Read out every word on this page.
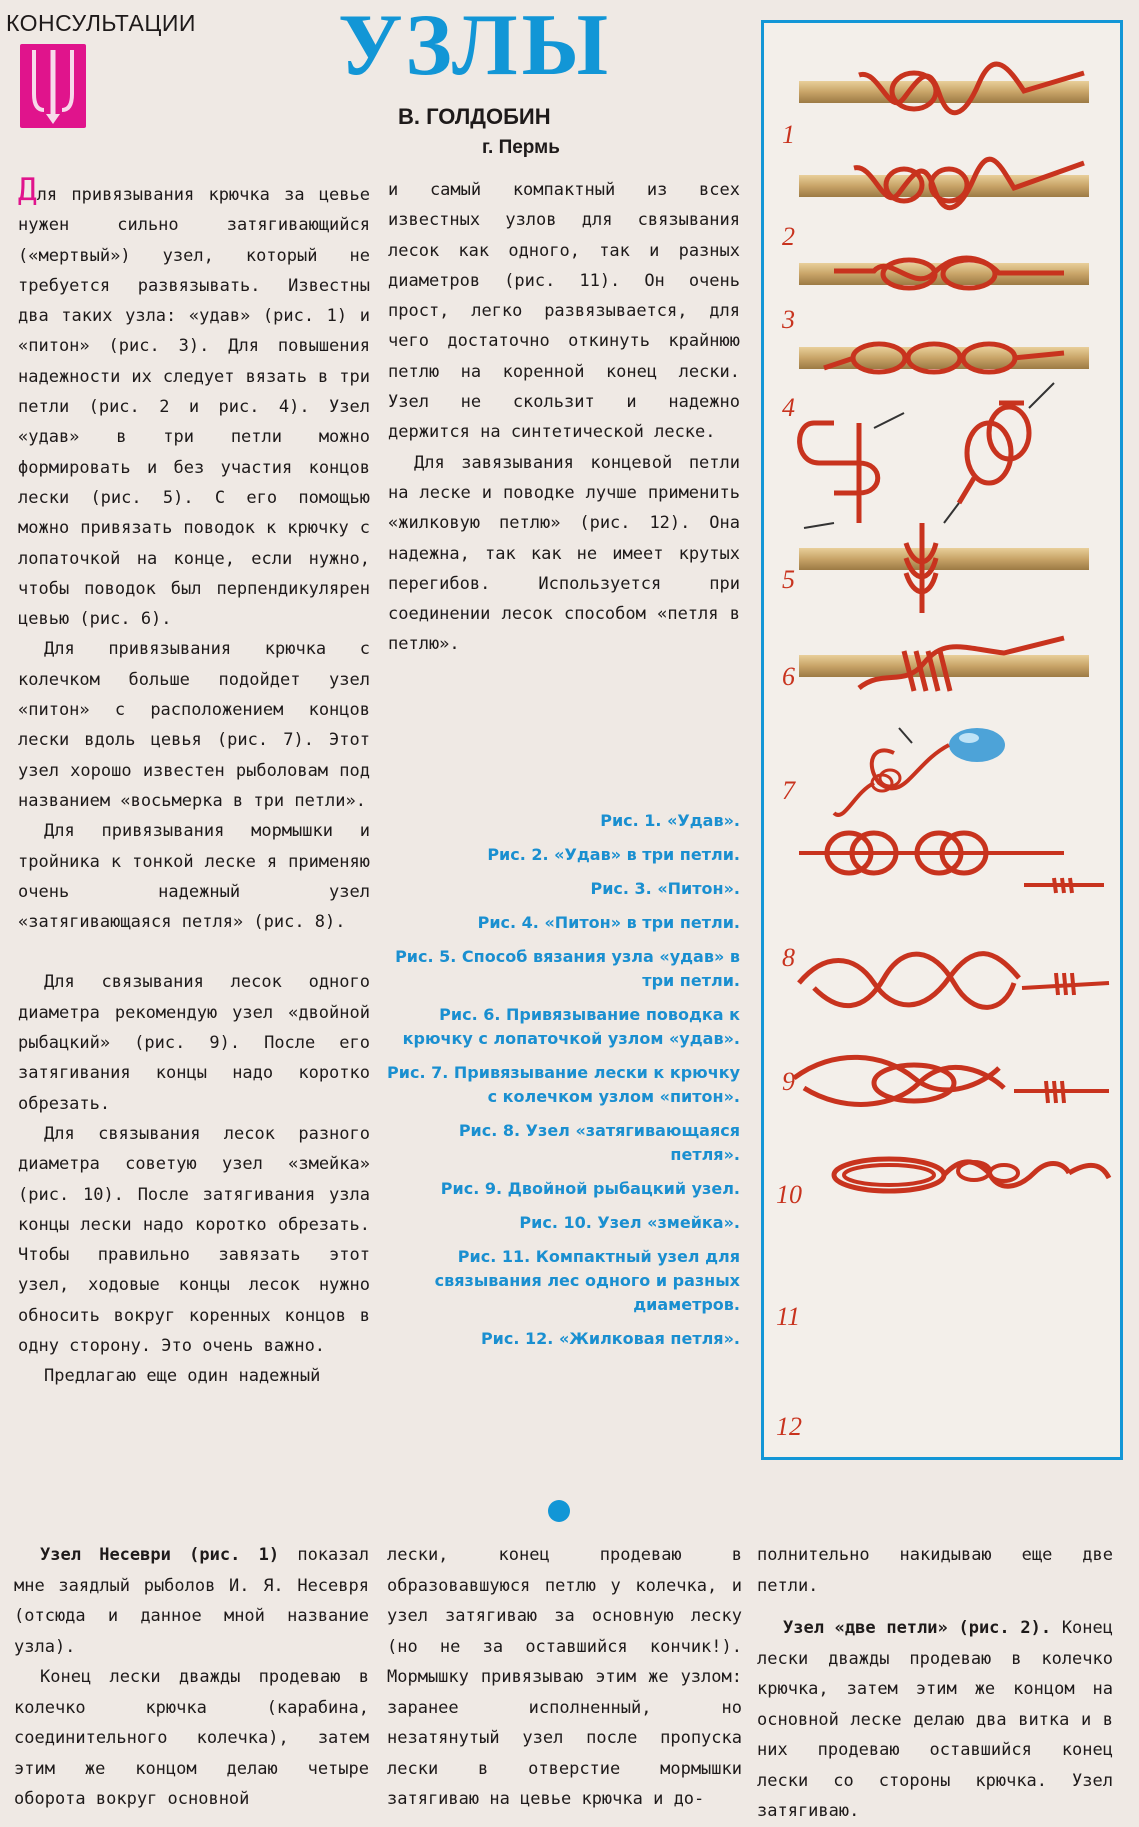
КОНСУЛЬТАЦИИ УЗЛЫ
В. ГОЛДОБИН
г. Пермь

Для привязывания крючка за цевье нужен сильно затягивающийся («мертвый») узел, который не требуется развязывать. Известны два таких узла: «удав» (рис. 1) и «питон» (рис. 3). Для повышения надежности их следует вязать в три петли (рис. 2 и рис. 4). Узел «удав» в три петли можно формировать и без участия концов лески (рис. 5). С его помощью можно привязать поводок к крючку с лопаточкой на конце, если нужно, чтобы поводок был перпендикулярен цевью (рис. 6).

Для привязывания крючка с колечком больше подойдет узел «питон» с расположением концов лески вдоль цевья (рис. 7). Этот узел хорошо известен рыболовам под названием «восьмерка в три петли».

Для привязывания мормышки и тройника к тонкой леске я применяю очень надежный узел «затягивающаяся петля» (рис. 8).

Для связывания лесок одного диаметра рекомендую узел «двойной рыбацкий» (рис. 9). После его затягивания концы надо коротко обрезать.

Для связывания лесок разного диаметра советую узел «змейка» (рис. 10). После затягивания узла концы лески надо коротко обрезать. Чтобы правильно завязать этот узел, ходовые концы лесок нужно обносить вокруг коренных концов в одну сторону. Это очень важно.

Предлагаю еще один надежный

и самый компактный из всех известных узлов для связывания лесок как одного, так и разных диаметров (рис. 11). Он очень прост, легко развязывается, для чего достаточно откинуть крайнюю петлю на коренной конец лески. Узел не скользит и надежно держится на синтетической леске.

Для завязывания концевой петли на леске и поводке лучше применить «жилковую петлю» (рис. 12). Она надежна, так как не имеет крутых перегибов. Используется при соединении лесок способом «петля в петлю».

Рис. 1. «Удав».
Рис. 2. «Удав» в три петли.
Рис. 3. «Питон».
Рис. 4. «Питон» в три петли.
Рис. 5. Способ вязания узла «удав» в три петли.
Рис. 6. Привязывание поводка к крючку с лопаточкой узлом «удав».
Рис. 7. Привязывание лески к крючку с колечком узлом «питон».
Рис. 8. Узел «затягивающаяся петля».
Рис. 9. Двойной рыбацкий узел.
Рис. 10. Узел «змейка».
Рис. 11. Компактный узел для связывания лес одного и разных диаметров.
Рис. 12. «Жилковая петля».
1
2
3
4
5
6
7
8
9
10
11
12

Узел Несеври (рис. 1) показал мне заядлый рыболов И. Я. Несевря (отсюда и данное мной название узла).

Конец лески дважды продеваю в колечко крючка (карабина, соединительного колечка), затем этим же концом делаю четыре оборота вокруг основной

лески, конец продеваю в образовавшуюся петлю у колечка, и узел затягиваю за основную леску (но не за оставшийся кончик!). Мормышку привязываю этим же узлом: заранее исполненный, но незатянутый узел после пропуска лески в отверстие мормышки затягиваю на цевье крючка и до-

полнительно накидываю еще две петли.

Узел «две петли» (рис. 2). Конец лески дважды продеваю в колечко крючка, затем этим же концом на основной леске делаю два витка и в них продеваю оставшийся конец лески со стороны крючка. Узел затягиваю.
